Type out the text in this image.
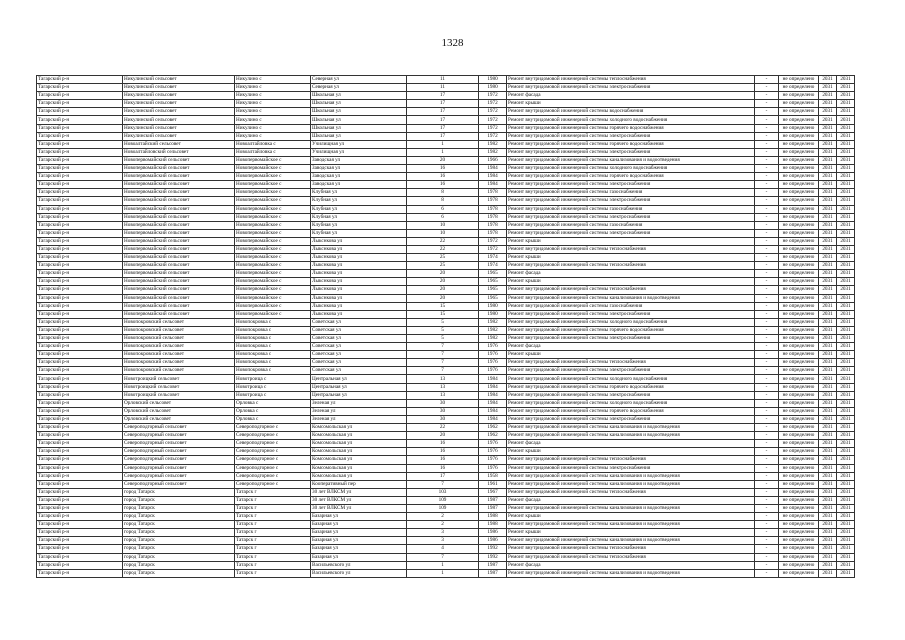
1328
Тагарский р-н	Никулинский сельсовет	Никулино с	Северная ул	11	1980	Ремонт внутридомовой инженерной системы теплоснабжения	-	не определено	2031	2031
Тагарский р-н	Никулинский сельсовет	Никулино с	Северная ул	11	1980	Ремонт внутридомовой инженерной системы электроснабжения	-	не определено	2031	2031
Тагарский р-н	Никулинский сельсовет	Никулино с	Школьная ул	17	1972	Ремонт фасада	-	не определено	2031	2031
Тагарский р-н	Никулинский сельсовет	Никулино с	Школьная ул	17	1972	Ремонт крыши	-	не определено	2031	2031
Тагарский р-н	Никулинский сельсовет	Никулино с	Школьная ул	17	1972	Ремонт внутридомовой инженерной системы водоснабжения	-	не определено	2031	2031
Тагарский р-н	Никулинский сельсовет	Никулино с	Школьная ул	17	1972	Ремонт внутридомовой инженерной системы холодного водоснабжения	-	не определено	2031	2031
Тагарский р-н	Никулинский сельсовет	Никулино с	Школьная ул	17	1972	Ремонт внутридомовой инженерной системы горячего водоснабжения	-	не определено	2031	2031
Тагарский р-н	Никулинский сельсовет	Никулино с	Школьная ул	17	1972	Ремонт внутридомовой инженерной системы электроснабжения	-	не определено	2031	2031
Тагарский р-н	Новоалтайский сельсовет	Новоалтайловка с	Училищная ул	1	1982	Ремонт внутридомовой инженерной системы горячего водоснабжения	-	не определено	2031	2031
Тагарский р-н	Новоалтайловский сельсовет	Новоалтайловка с	Училищная ул	1	1982	Ремонт внутридомовой инженерной системы электроснабжения	-	не определено	2031	2031
Тагарский р-н	Новопервомайский сельсовет	Новопервомайское с	Заводская ул	20	1966	Ремонт внутридомовой инженерной системы канализования и водоотведения	-	не определено	2031	2031
Тагарский р-н	Новопервомайский сельсовет	Новопервомайское с	Заводская ул	16	1984	Ремонт внутридомовой инженерной системы холодного водоснабжения	-	не определено	2031	2031
Тагарский р-н	Новопервомайский сельсовет	Новопервомайское с	Заводская ул	16	1984	Ремонт внутридомовой инженерной системы горячего водоснабжения	-	не определено	2031	2031
Тагарский р-н	Новопервомайский сельсовет	Новопервомайское с	Заводская ул	16	1984	Ремонт внутридомовой инженерной системы электроснабжения	-	не определено	2031	2031
Тагарский р-н	Новопервомайский сельсовет	Новопервомайское с	Клубная ул	8	1978	Ремонт внутридомовой инженерной системы газоснабжения	-	не определено	2031	2031
Тагарский р-н	Новопервомайский сельсовет	Новопервомайское с	Клубная ул	8	1978	Ремонт внутридомовой инженерной системы электроснабжения	-	не определено	2031	2031
Тагарский р-н	Новопервомайский сельсовет	Новопервомайское с	Клубная ул	6	1978	Ремонт внутридомовой инженерной системы газоснабжения	-	не определено	2031	2031
Тагарский р-н	Новопервомайский сельсовет	Новопервомайское с	Клубная ул	6	1978	Ремонт внутридомовой инженерной системы электроснабжения	-	не определено	2031	2031
Тагарский р-н	Новопервомайский сельсовет	Новопервомайское с	Клубная ул	10	1978	Ремонт внутридомовой инженерной системы газоснабжения	-	не определено	2031	2031
Тагарский р-н	Новопервомайский сельсовет	Новопервомайское с	Клубная ул	10	1978	Ремонт внутридомовой инженерной системы электроснабжения	-	не определено	2031	2031
Тагарский р-н	Новопервомайский сельсовет	Новопервомайское с	Лыкснкова ул	22	1972	Ремонт крыши	-	не определено	2031	2031
Тагарский р-н	Новопервомайский сельсовет	Новопервомайское с	Лыкснкова ул	22	1972	Ремонт внутридомовой инженерной системы теплоснабжения	-	не определено	2031	2031
Тагарский р-н	Новопервомайский сельсовет	Новопервомайское с	Лыкснкова ул	25	1974	Ремонт крыши	-	не определено	2031	2031
Тагарский р-н	Новопервомайский сельсовет	Новопервомайское с	Лыкснкова ул	25	1974	Ремонт внутридомовой инженерной системы теплоснабжения	-	не определено	2031	2031
Тагарский р-н	Новопервомайский сельсовет	Новопервомайское с	Лыкснкова ул	20	1965	Ремонт фасада	-	не определено	2031	2031
Тагарский р-н	Новопервомайский сельсовет	Новопервомайское с	Лыкснкова ул	20	1965	Ремонт крыши	-	не определено	2031	2031
Тагарский р-н	Новопервомайский сельсовет	Новопервомайское с	Лыкснкова ул	20	1965	Ремонт внутридомовой инженерной системы теплоснабжения	-	не определено	2031	2031
Тагарский р-н	Новопервомайский сельсовет	Новопервомайское с	Лыкснкова ул	20	1965	Ремонт внутридомовой инженерной системы канализования и водоотведения	-	не определено	2031	2031
Тагарский р-н	Новопервомайский сельсовет	Новопервомайское с	Лыкснкова ул	15	1980	Ремонт внутридомовой инженерной системы газоснабжения	-	не определено	2031	2031
Тагарский р-н	Новопервомайский сельсовет	Новопервомайское с	Лыкснкова ул	15	1980	Ремонт внутридомовой инженерной системы электроснабжения	-	не определено	2031	2031
Тагарский р-н	Новопокровский сельсовет	Новопокровка с	Советская ул	5	1982	Ремонт внутридомовой инженерной системы холодного водоснабжения	-	не определено	2031	2031
Тагарский р-н	Новопокровский сельсовет	Новопокровка с	Советская ул	5	1982	Ремонт внутридомовой инженерной системы горячего водоснабжения	-	не определено	2031	2031
Тагарский р-н	Новопокровский сельсовет	Новопокровка с	Советская ул	5	1982	Ремонт внутридомовой инженерной системы электроснабжения	-	не определено	2031	2031
Тагарский р-н	Новопокровский сельсовет	Новопокровка с	Советская ул	7	1976	Ремонт фасада	-	не определено	2031	2031
Тагарский р-н	Новопокровский сельсовет	Новопокровка с	Советская ул	7	1976	Ремонт крыши	-	не определено	2031	2031
Тагарский р-н	Новопокровский сельсовет	Новопокровка с	Советская ул	7	1976	Ремонт внутридомовой инженерной системы теплоснабжения	-	не определено	2031	2031
Тагарский р-н	Новопокровский сельсовет	Новопокровка с	Советская ул	7	1976	Ремонт внутридомовой инженерной системы электроснабжения	-	не определено	2031	2031
Тагарский р-н	Новотроицкий сельсовет	Новотроица с	Центральная ул	13	1984	Ремонт внутридомовой инженерной системы холодного водоснабжения	-	не определено	2031	2031
Тагарский р-н	Новотроицкий сельсовет	Новотроица с	Центральная ул	13	1984	Ремонт внутридомовой инженерной системы горячего водоснабжения	-	не определено	2031	2031
Тагарский р-н	Новотроицкий сельсовет	Новотроица с	Центральная ул	13	1984	Ремонт внутридомовой инженерной системы электроснабжения	-	не определено	2031	2031
Тагарский р-н	Орловский сельсовет	Орловка с	Зеленая ул	30	1984	Ремонт внутридомовой инженерной системы холодного водоснабжения	-	не определено	2031	2031
Тагарский р-н	Орловский сельсовет	Орловка с	Зеленая ул	30	1984	Ремонт внутридомовой инженерной системы горячего водоснабжения	-	не определено	2031	2031
Тагарский р-н	Орловский сельсовет	Орловка с	Зеленая ул	30	1984	Ремонт внутридомовой инженерной системы электроснабжения	-	не определено	2031	2031
Тагарский р-н	Североподгорный сельсовет	Североподгорное с	Комсомольская ул	22	1962	Ремонт внутридомовой инженерной системы канализования и водоотведения	-	не определено	2031	2031
Тагарский р-н	Североподгорный сельсовет	Североподгорное с	Комсомольская ул	20	1962	Ремонт внутридомовой инженерной системы канализования и водоотведения	-	не определено	2031	2031
Тагарский р-н	Североподгорный сельсовет	Североподгорное с	Комсомольская ул	16	1976	Ремонт фасада	-	не определено	2031	2031
Тагарский р-н	Североподгорный сельсовет	Североподгорное с	Комсомольская ул	16	1976	Ремонт крыши	-	не определено	2031	2031
Тагарский р-н	Североподгорный сельсовет	Североподгорное с	Комсомольская ул	16	1976	Ремонт внутридомовой инженерной системы теплоснабжения	-	не определено	2031	2031
Тагарский р-н	Североподгорный сельсовет	Североподгорное с	Комсомольская ул	16	1976	Ремонт внутридомовой инженерной системы электроснабжения	-	не определено	2031	2031
Тагарский р-н	Североподгорный сельсовет	Североподгорное с	Комсомольская ул	17	1958	Ремонт внутридомовой инженерной системы канализования и водоотведения	-	не определено	2031	2031
Тагарский р-н	Североподгорный сельсовет	Североподгорное с	Кооперативный пер	7	1961	Ремонт внутридомовой инженерной системы канализования и водоотведения	-	не определено	2031	2031
Тагарский р-н	город Татарск	Татарск г	30 лет ВЛКСМ ул	103	1967	Ремонт внутридомовой инженерной системы теплоснабжения	-	не определено	2031	2031
Тагарский р-н	город Татарск	Татарск г	30 лет ВЛКСМ ул	109	1987	Ремонт фасада	-	не определено	2031	2031
Тагарский р-н	город Татарск	Татарск г	30 лет ВЛКСМ ул	109	1987	Ремонт внутридомовой инженерной системы канализования и водоотведения	-	не определено	2031	2031
Тагарский р-н	город Татарск	Татарск г	Базарная ул	2	1988	Ремонт крыши	-	не определено	2031	2031
Тагарский р-н	город Татарск	Татарск г	Базарная ул	2	1988	Ремонт внутридомовой инженерной системы канализования и водоотведения	-	не определено	2031	2031
Тагарский р-н	город Татарск	Татарск г	Базарная ул	3	1986	Ремонт крыши	-	не определено	2031	2031
Тагарский р-н	город Татарск	Татарск г	Базарная ул	3	1986	Ремонт внутридомовой инженерной системы канализования и водоотведения	-	не определено	2031	2031
Тагарский р-н	город Татарск	Татарск г	Базарная ул	4	1992	Ремонт внутридомовой инженерной системы теплоснабжения	-	не определено	2031	2031
Тагарский р-н	город Татарск	Татарск г	Базарная ул	7	1992	Ремонт внутридомовой инженерной системы теплоснабжения	-	не определено	2031	2031
Тагарский р-н	город Татарск	Татарск г	Васильевского ул	1	1987	Ремонт фасада	-	не определено	2031	2031
Тагарский р-н	город Татарск	Татарск г	Васильевского ул	1	1987	Ремонт внутридомовой инженерной системы канализования и водоотведения	-	не определено	2031	2031
